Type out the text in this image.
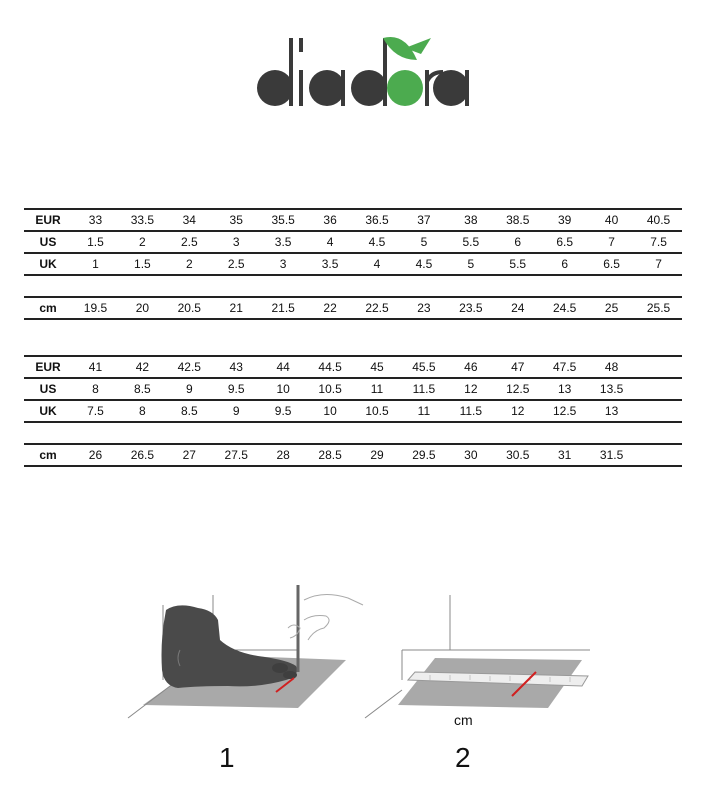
EUR	33	33.5	34	35	35.5	36	36.5	37	38	38.5	39	40	40.5
US	1.5	2	2.5	3	3.5	4	4.5	5	5.5	6	6.5	7	7.5
UK	1	1.5	2	2.5	3	3.5	4	4.5	5	5.5	6	6.5	7

cm	19.5	20	20.5	21	21.5	22	22.5	23	23.5	24	24.5	25	25.5
EUR	41	42	42.5	43	44	44.5	45	45.5	46	47	47.5	48	
US	8	8.5	9	9.5	10	10.5	11	11.5	12	12.5	13	13.5	
UK	7.5	8	8.5	9	9.5	10	10.5	11	11.5	12	12.5	13	

cm	26	26.5	27	27.5	28	28.5	29	29.5	30	30.5	31	31.5	
cm
1	2
